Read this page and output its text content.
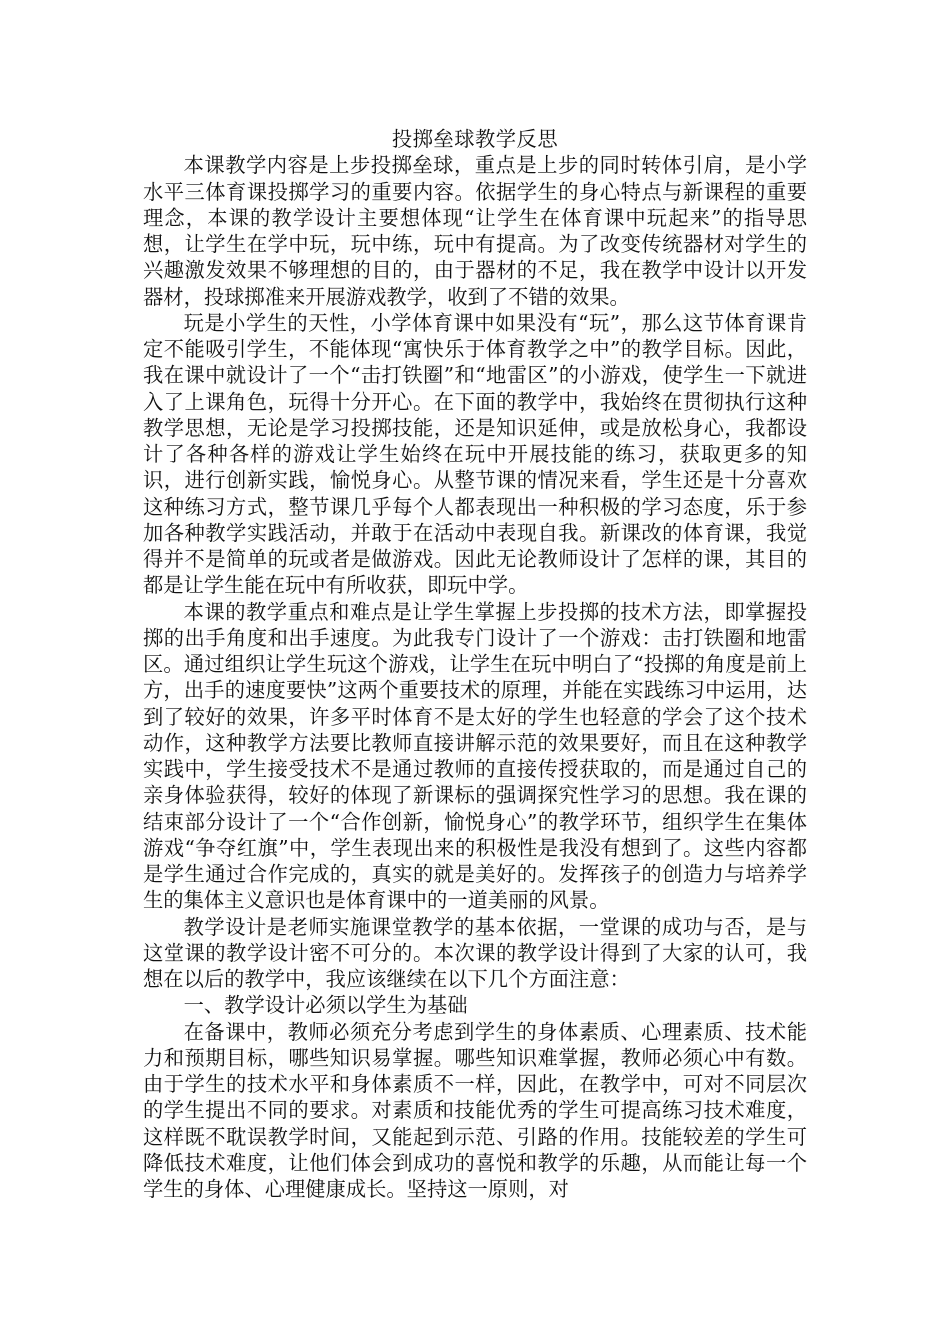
投掷垒球教学反思

本课教学内容是上步投掷垒球，重点是上步的同时转体引肩，是小学水平三体育课投掷学习的重要内容。依据学生的身心特点与新课程的重要理念，本课的教学设计主要想体现“让学生在体育课中玩起来”的指导思想，让学生在学中玩，玩中练，玩中有提高。为了改变传统器材对学生的兴趣激发效果不够理想的目的，由于器材的不足，我在教学中设计以开发器材，投球掷准来开展游戏教学，收到了不错的效果。

玩是小学生的天性，小学体育课中如果没有“玩”，那么这节体育课肯定不能吸引学生，不能体现“寓快乐于体育教学之中”的教学目标。因此，我在课中就设计了一个“击打铁圈”和“地雷区”的小游戏，使学生一下就进入了上课角色，玩得十分开心。在下面的教学中，我始终在贯彻执行这种教学思想，无论是学习投掷技能，还是知识延伸，或是放松身心，我都设计了各种各样的游戏让学生始终在玩中开展技能的练习，获取更多的知识，进行创新实践，愉悦身心。从整节课的情况来看，学生还是十分喜欢这种练习方式，整节课几乎每个人都表现出一种积极的学习态度，乐于参加各种教学实践活动，并敢于在活动中表现自我。新课改的体育课，我觉得并不是简单的玩或者是做游戏。因此无论教师设计了怎样的课，其目的都是让学生能在玩中有所收获，即玩中学。

本课的教学重点和难点是让学生掌握上步投掷的技术方法，即掌握投掷的出手角度和出手速度。为此我专门设计了一个游戏：击打铁圈和地雷区。通过组织让学生玩这个游戏，让学生在玩中明白了“投掷的角度是前上方，出手的速度要快”这两个重要技术的原理，并能在实践练习中运用，达到了较好的效果，许多平时体育不是太好的学生也轻意的学会了这个技术动作，这种教学方法要比教师直接讲解示范的效果要好，而且在这种教学实践中，学生接受技术不是通过教师的直接传授获取的，而是通过自己的亲身体验获得，较好的体现了新课标的强调探究性学习的思想。我在课的结束部分设计了一个“合作创新，愉悦身心”的教学环节，组织学生在集体游戏“争夺红旗”中，学生表现出来的积极性是我没有想到了。这些内容都是学生通过合作完成的，真实的就是美好的。发挥孩子的创造力与培养学生的集体主义意识也是体育课中的一道美丽的风景。

教学设计是老师实施课堂教学的基本依据，一堂课的成功与否，是与这堂课的教学设计密不可分的。本次课的教学设计得到了大家的认可，我想在以后的教学中，我应该继续在以下几个方面注意：

一、教学设计必须以学生为基础

在备课中，教师必须充分考虑到学生的身体素质、心理素质、技术能力和预期目标，哪些知识易掌握。哪些知识难掌握，教师必须心中有数。由于学生的技术水平和身体素质不一样，因此，在教学中，可对不同层次的学生提出不同的要求。对素质和技能优秀的学生可提高练习技术难度，这样既不耽误教学时间，又能起到示范、引路的作用。技能较差的学生可降低技术难度，让他们体会到成功的喜悦和教学的乐趣，从而能让每一个学生的身体、心理健康成长。坚持这一原则，对
